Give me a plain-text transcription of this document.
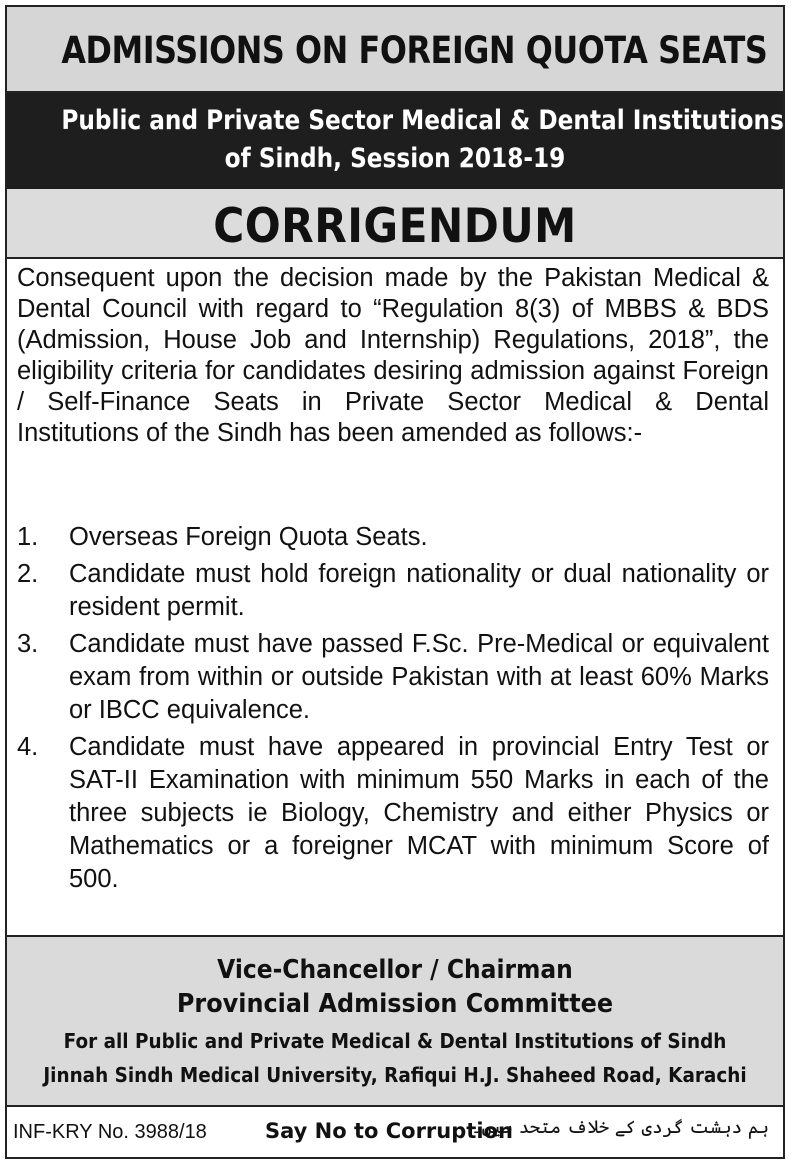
ADMISSIONS ON FOREIGN QUOTA SEATS
Public and Private Sector Medical & Dental Institutions
of Sindh, Session 2018-19
CORRIGENDUM
Consequent upon the decision made by the Pakistan Medical & Dental Council with regard to “Regulation 8(3) of MBBS & BDS (Admission, House Job and Internship) Regulations, 2018”, the eligibility criteria for candidates desiring admission against Foreign / Self-Finance Seats in Private Sector Medical & Dental Institutions of the Sindh has been amended as follows:-
1.	Overseas Foreign Quota Seats.
2.	Candidate must hold foreign nationality or dual nationality or resident permit.
3.	Candidate must have passed F.Sc. Pre-Medical or equivalent exam from within or outside Pakistan with at least 60% Marks or IBCC equivalence.
4.	Candidate must have appeared in provincial Entry Test or SAT-II Examination with minimum 550 Marks in each of the three subjects ie Biology, Chemistry and either Physics or Mathematics or a foreigner MCAT with minimum Score of 500.
Vice-Chancellor / Chairman
Provincial Admission Committee
For all Public and Private Medical & Dental Institutions of Sindh
Jinnah Sindh Medical University, Rafiqui H.J. Shaheed Road, Karachi
INF-KRY No. 3988/18	Say No to Corruption
ہم دہشت گردی کے خلاف متحد ہیں۔
